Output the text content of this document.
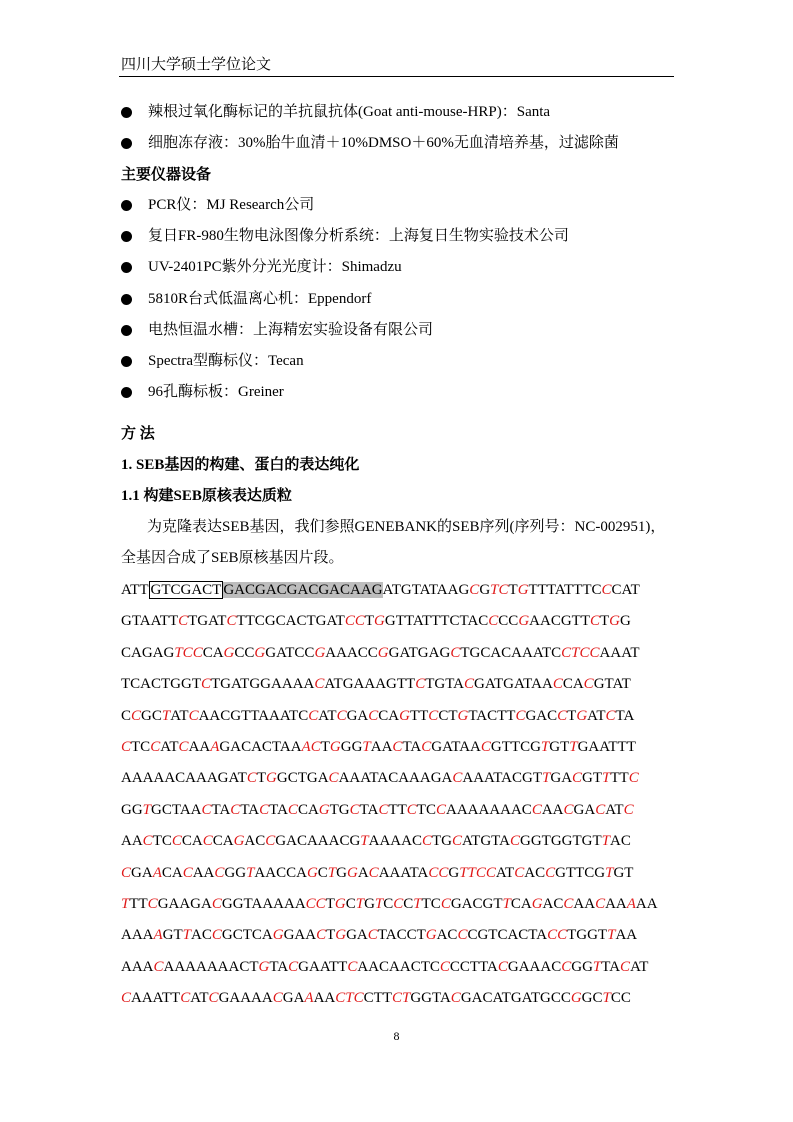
四川大学硕士学位论文
辣根过氧化酶标记的羊抗鼠抗体(Goat anti-mouse-HRP)：Santa
细胞冻存液：30%胎牛血清＋10%DMSO＋60%无血清培养基，过滤除菌
主要仪器设备
PCR仪：MJ Research公司
复日FR-980生物电泳图像分析系统：上海复日生物实验技术公司
UV-2401PC紫外分光光度计：Shimadzu
5810R台式低温离心机：Eppendorf
电热恒温水槽：上海精宏实验设备有限公司
Spectra型酶标仪：Tecan
96孔酶标板：Greiner
方 法
1. SEB基因的构建、蛋白的表达纯化
1.1 构建SEB原核表达质粒
为克隆表达SEB基因，我们参照GENEBANK的SEB序列(序列号：NC-002951)，
全基因合成了SEB原核基因片段。
ATT GTCGACT GACGACGACGACAAGATGTATAAGCGTCTGTTTATTTCCCAT
GTAATTCTGATCTTCGCACTGATCCTGGTTATTTCTACCCCGAACGTTCTGG
CAGAGTCCCAGCCGGATCCGAAACCGGATGAGCTGCACAAATCCTCCAAAT
TCACTGGTCTGATGGAAAACATGAAAGTTCTGTACGATGATAACCACGTAT
CCGCTATCAACGTTAAATCCATCGACCAGTTCCTGTACTTCGACCTGATCTA
CTCCATCAAAGACACTAAACTGGGTAACTACGATAACGTTCGTGTTGAATTT
AAAAACAAAGATCTGGCTGACAAATACAAAGACAAATACGTTGACGTTTTC
GGTGCTAACTACTACTACCAGTGCTACTTCTCCAAAAAAACCAACGACATC
AACTCCCACCAGACCGACAAACGTAAAACCTGCATGTACGGTGGTGTTAC
CGAACACAACGGTAACCAGCTGGACAAATACCGTTCCATCACCGTTCGTGT
TTTCGAAGACGGTAAAAACCTGCTGTCCCTTCCGACGTTCAGACCAACAAAAA
AAAAGTTACCGCTCAGGAACTGGACTACCTGACCCGTCACTACCTGGTTAA
AAACAAAAAAACTGTACGAATTCAACAACTCCCCTTACGAAACCGGTTACAT
CAAATTCATCGAAAACGAAAACTCCTTCTGGTACGACATGATGCCGGCTCC
8
